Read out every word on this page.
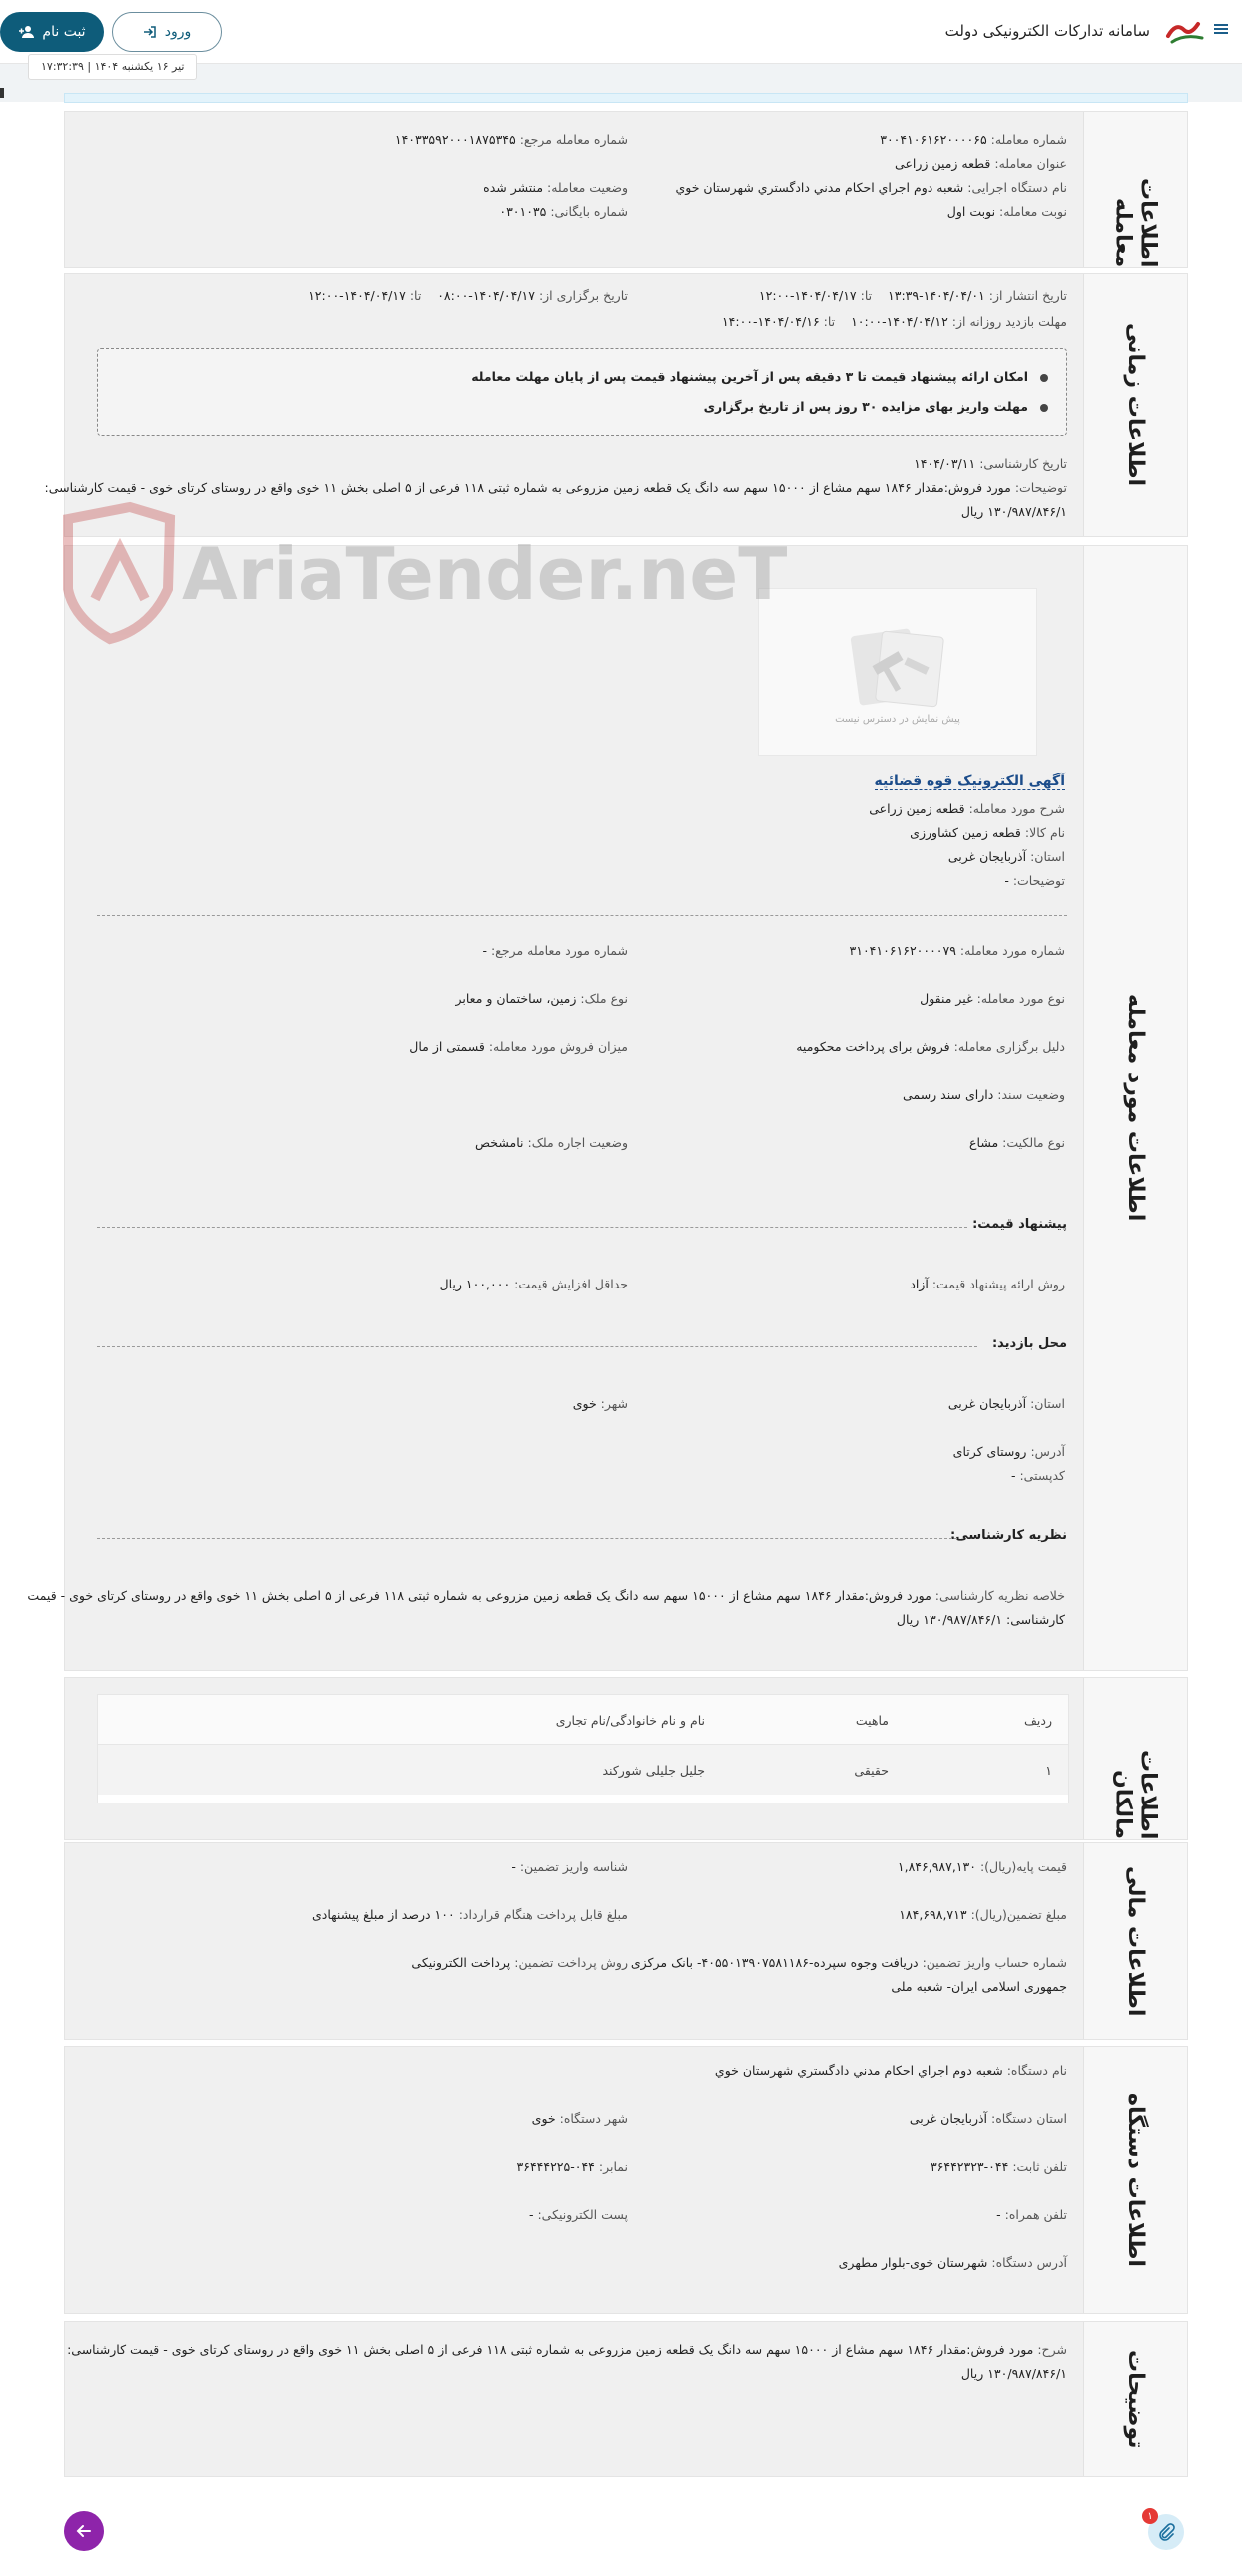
سامانه تدارکات الکترونیکی دولت
ورود
ثبت نام
تیر ۱۶ یکشنبه ۱۴۰۴ | ۱۷:۳۲:۳۹
اطلاعات معامله
شماره معامله: ۳۰۰۴۱۰۶۱۶۲۰۰۰۰۶۵
شماره معامله مرجع: ۱۴۰۳۳۵۹۲۰۰۰۱۸۷۵۳۴۵
عنوان معامله: قطعه زمین زراعی
وضعیت معامله: منتشر شده	نام دستگاه اجرایی: شعبه دوم اجراي احكام مدني دادگستري شهرستان خوي
شماره بایگانی: ۰۳۰۱۰۳۵	نوبت معامله: نوبت اول
اطلاعات زمانی
تاریخ انتشار از: ۱۴۰۴/۰۴/۰۱-۱۳:۳۹    تا: ۱۴۰۴/۰۴/۱۷-۱۲:۰۰
تاریخ برگزاری از: ۱۴۰۴/۰۴/۱۷-۰۸:۰۰    تا: ۱۴۰۴/۰۴/۱۷-۱۲:۰۰
مهلت بازدید روزانه از: ۱۴۰۴/۰۴/۱۲-۱۰:۰۰    تا: ۱۴۰۴/۰۴/۱۶-۱۴:۰۰
امکان ارائه پیشنهاد قیمت تا ۳ دقیقه پس از آخرین پیشنهاد قیمت پس از پایان مهلت معامله
مهلت واریز بهای مزایده ۳۰ روز پس از تاریخ برگزاری
تاریخ کارشناسی: ۱۴۰۴/۰۳/۱۱
توضیحات: مورد فروش:مقدار ۱۸۴۶ سهم مشاع از ۱۵۰۰۰ سهم سه دانگ یک قطعه زمین مزروعی به شماره ثبتی ۱۱۸ فرعی از ۵ اصلی بخش ۱۱ خوی واقع در روستای کرتای خوی - قیمت کارشناسی:
۱۳۰/۹۸۷/۸۴۶/۱ ریال
اطلاعات مورد معامله
پیش نمایش در دسترس نیست
آگهی الکترونیک قوه قضائیه
شرح مورد معامله: قطعه زمین زراعی
نام کالا: قطعه زمین کشاورزی
استان: آذربایجان غربی
توضیحات: -
شماره مورد معامله: ۳۱۰۴۱۰۶۱۶۲۰۰۰۰۷۹
شماره مورد معامله مرجع: -
نوع مورد معامله: غیر منقول
نوع ملک: زمین، ساختمان و معابر
دلیل برگزاری معامله: فروش برای پرداخت محکومیه
میزان فروش مورد معامله: قسمتی از مال
وضعیت سند: دارای سند رسمی
نوع مالکیت: مشاع
وضعیت اجاره ملک: نامشخص
پیشنهاد قیمت:
روش ارائه پیشنهاد قیمت: آزاد
حداقل افزایش قیمت: ۱۰۰,۰۰۰ ریال
محل بازدید:
استان: آذربایجان غربی
شهر: خوی
آدرس: روستای کرتای
کدپستی: -
نظریه کارشناسی:
خلاصه نظریه کارشناسی: مورد فروش:مقدار ۱۸۴۶ سهم مشاع از ۱۵۰۰۰ سهم سه دانگ یک قطعه زمین مزروعی به شماره ثبتی ۱۱۸ فرعی از ۵ اصلی بخش ۱۱ خوی واقع در روستای کرتای خوی - قیمت
کارشناسی: ۱۳۰/۹۸۷/۸۴۶/۱ ریال
AriaTender.neT
اطلاعات مالکان
ردیف
ماهیت
نام و نام خانوادگی/نام تجاری
۱
حقیقی
جلیل جلیلی شورکند
اطلاعات مالی
قیمت پایه(ریال): ۱,۸۴۶,۹۸۷,۱۳۰
شناسه واریز تضمین: -
مبلغ تضمین(ریال): ۱۸۴,۶۹۸,۷۱۳
مبلغ قابل پرداخت هنگام قرارداد: ۱۰۰ درصد از مبلغ پیشنهادی
شماره حساب واریز تضمین: دریافت وجوه سپرده-۴۰۵۵۰۱۳۹۰۷۵۸۱۱۸۶- بانک مرکزی
جمهوری اسلامی ایران- شعبه ملی
روش پرداخت تضمین: پرداخت الکترونیکی
اطلاعات دستگاه
نام دستگاه: شعبه دوم اجراي احكام مدني دادگستري شهرستان خوي
استان دستگاه: آذربایجان غربی
شهر دستگاه: خوی
تلفن ثابت: ۰۴۴-۳۶۴۴۲۳۲۳
نمابر: ۰۴۴-۳۶۴۴۴۲۲۵
تلفن همراه: -
پست الکترونیکی: -
آدرس دستگاه: شهرستان خوی-بلوار مطهری
توضیحات
شرح: مورد فروش:مقدار ۱۸۴۶ سهم مشاع از ۱۵۰۰۰ سهم سه دانگ یک قطعه زمین مزروعی به شماره ثبتی ۱۱۸ فرعی از ۵ اصلی بخش ۱۱ خوی واقع در روستای کرتای خوی - قیمت کارشناسی:
۱۳۰/۹۸۷/۸۴۶/۱ ریال
۱
